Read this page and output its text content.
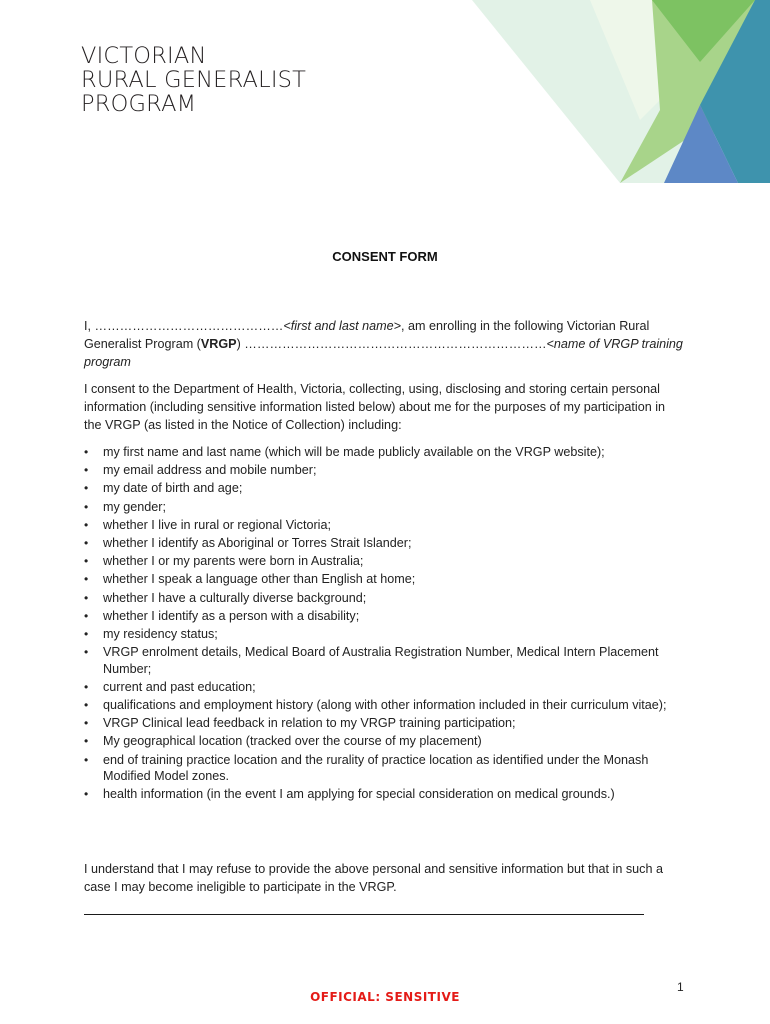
VICTORIAN
RURAL GENERALIST
PROGRAM
CONSENT FORM
I, ………………………………………<first and last name>, am enrolling in the following Victorian Rural Generalist Program (VRGP) ………………………………………………………………<name of VRGP training program
I consent to the Department of Health, Victoria, collecting, using, disclosing and storing certain personal information (including sensitive information listed below) about me for the purposes of my participation in the VRGP (as listed in the Notice of Collection) including:
• my first name and last name (which will be made publicly available on the VRGP website);
• my email address and mobile number;
• my date of birth and age;
• my gender;
• whether I live in rural or regional Victoria;
• whether I identify as Aboriginal or Torres Strait Islander;
• whether I or my parents were born in Australia;
• whether I speak a language other than English at home;
• whether I have a culturally diverse background;
• whether I identify as a person with a disability;
• my residency status;
• VRGP enrolment details, Medical Board of Australia Registration Number, Medical Intern Placement Number;
• current and past education;
• qualifications and employment history (along with other information included in their curriculum vitae);
• VRGP Clinical lead feedback in relation to my VRGP training participation;
• My geographical location (tracked over the course of my placement)
• end of training practice location and the rurality of practice location as identified under the Monash Modified Model zones.
• health information (in the event I am applying for special consideration on medical grounds.)
I understand that I may refuse to provide the above personal and sensitive information but that in such a case I may become ineligible to participate in the VRGP.
1
OFFICIAL: SENSITIVE
